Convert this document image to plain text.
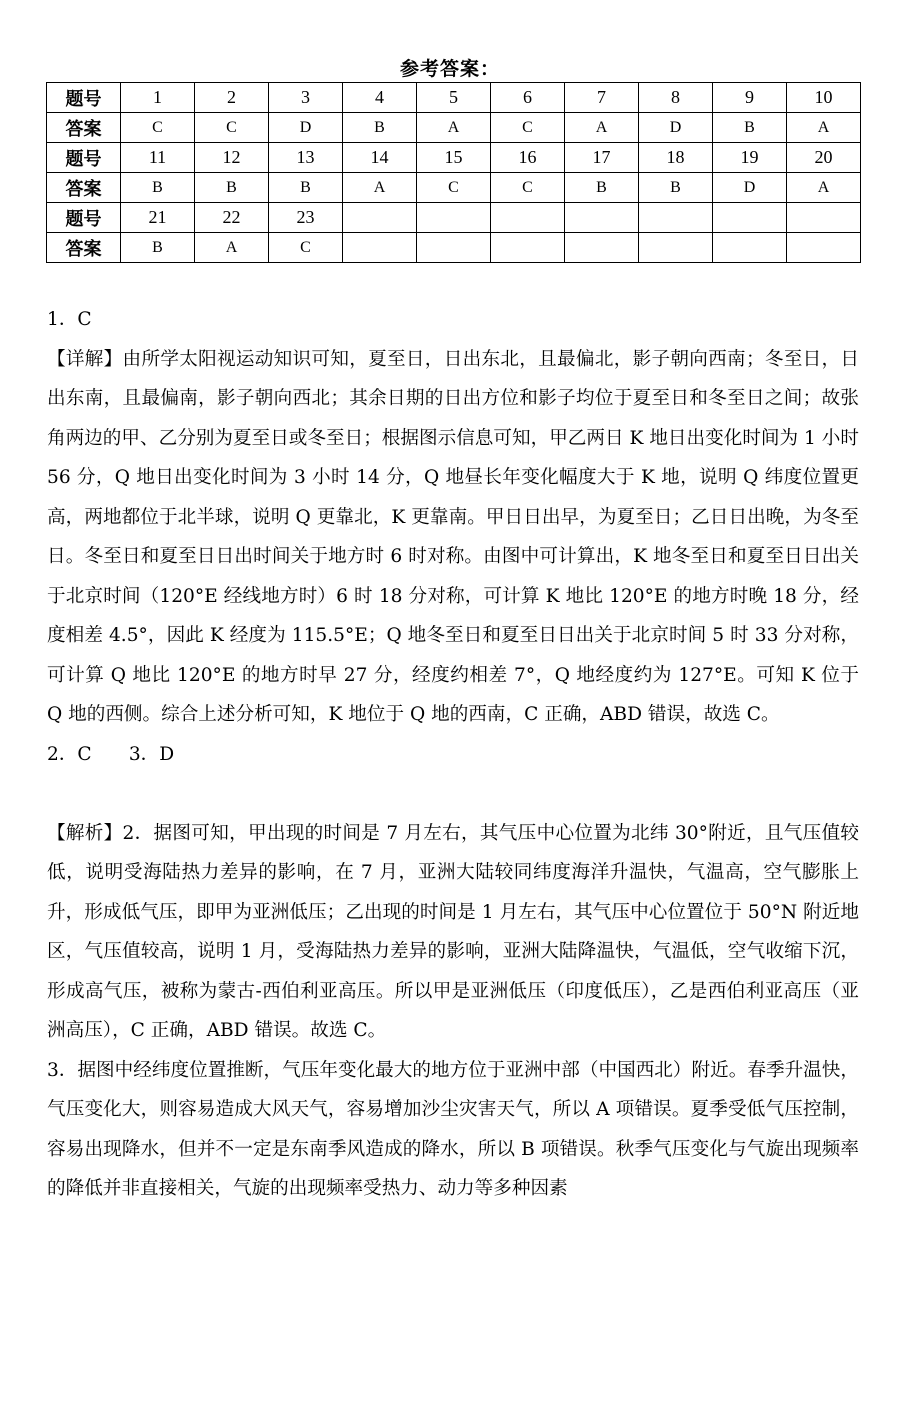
参考答案：
题号	1	2	3	4	5	6	7	8	9	10
答案	C	C	D	B	A	C	A	D	B	A
题号	11	12	13	14	15	16	17	18	19	20
答案	B	B	B	A	C	C	B	B	D	A
题号	21	22	23							
答案	B	A	C							

1．C

【详解】由所学太阳视运动知识可知，夏至日，日出东北，且最偏北，影子朝向西南；冬至日，日出东南，且最偏南，影子朝向西北；其余日期的日出方位和影子均位于夏至日和冬至日之间；故张角两边的甲、乙分别为夏至日或冬至日；根据图示信息可知，甲乙两日 K 地日出变化时间为 1 小时 56 分，Q 地日出变化时间为 3 小时 14 分，Q 地昼长年变化幅度大于 K 地，说明 Q 纬度位置更高，两地都位于北半球，说明 Q 更靠北，K 更靠南。甲日日出早，为夏至日；乙日日出晚，为冬至日。冬至日和夏至日日出时间关于地方时 6 时对称。由图中可计算出，K 地冬至日和夏至日日出关于北京时间（120°E 经线地方时）6 时 18 分对称，可计算 K 地比 120°E 的地方时晚 18 分，经度相差 4.5°，因此 K 经度为 115.5°E；Q 地冬至日和夏至日日出关于北京时间 5 时 33 分对称，可计算 Q 地比 120°E 的地方时早 27 分，经度约相差 7°，Q 地经度约为 127°E。可知 K 位于 Q 地的西侧。综合上述分析可知，K 地位于 Q 地的西南，C 正确，ABD 错误，故选 C。

2．C　　3．D

【解析】2．据图可知，甲出现的时间是 7 月左右，其气压中心位置为北纬 30°附近，且气压值较低，说明受海陆热力差异的影响，在 7 月，亚洲大陆较同纬度海洋升温快，气温高，空气膨胀上升，形成低气压，即甲为亚洲低压；乙出现的时间是 1 月左右，其气压中心位置位于 50°N 附近地区，气压值较高，说明 1 月，受海陆热力差异的影响，亚洲大陆降温快，气温低，空气收缩下沉，形成高气压，被称为蒙古-西伯利亚高压。所以甲是亚洲低压（印度低压），乙是西伯利亚高压（亚洲高压），C 正确，ABD 错误。故选 C。

3．据图中经纬度位置推断，气压年变化最大的地方位于亚洲中部（中国西北）附近。春季升温快，气压变化大，则容易造成大风天气，容易增加沙尘灾害天气，所以 A 项错误。夏季受低气压控制，容易出现降水，但并不一定是东南季风造成的降水，所以 B 项错误。秋季气压变化与气旋出现频率的降低并非直接相关，气旋的出现频率受热力、动力等多种因素
